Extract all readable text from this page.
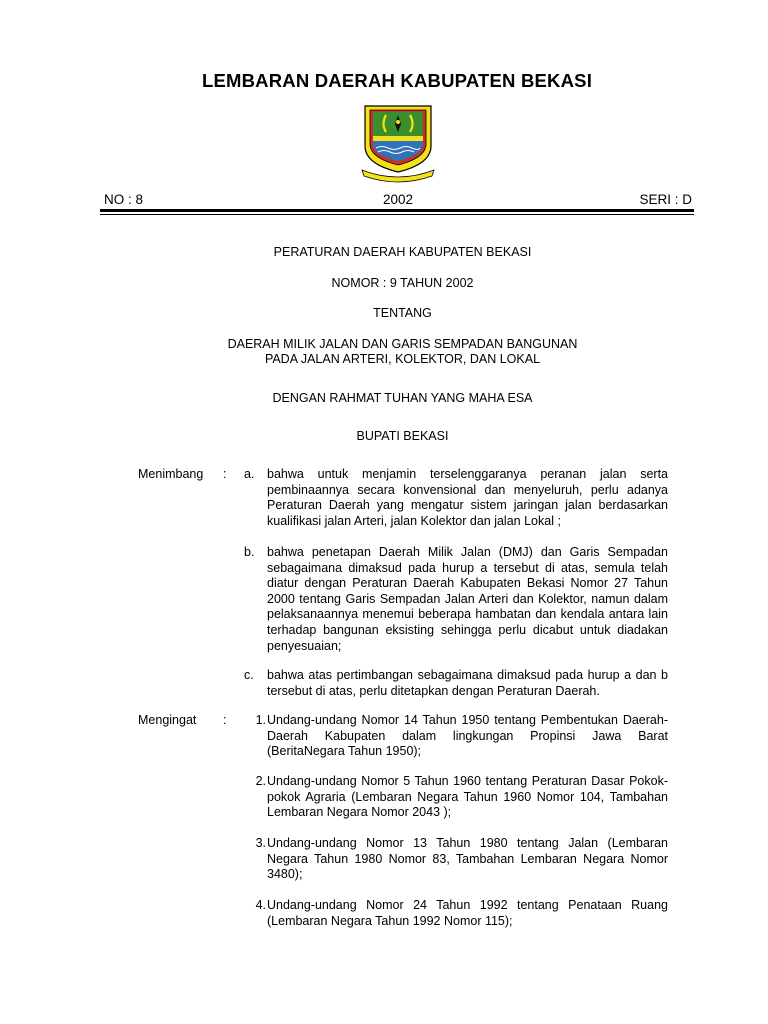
LEMBARAN DAERAH KABUPATEN BEKASI
NO : 8	2002	SERI : D
PERATURAN DAERAH KABUPATEN BEKASI
NOMOR : 9 TAHUN 2002
TENTANG
DAERAH MILIK JALAN DAN GARIS SEMPADAN BANGUNAN
PADA JALAN ARTERI, KOLEKTOR, DAN LOKAL
DENGAN RAHMAT TUHAN YANG MAHA ESA
BUPATI BEKASI
Menimbang : a.	bahwa untuk menjamin terselenggaranya peranan jalan serta pembinaannya secara konvensional dan menyeluruh, perlu adanya Peraturan Daerah yang mengatur sistem jaringan jalan berdasarkan kualifikasi jalan Arteri, jalan Kolektor dan jalan Lokal ;
b.	bahwa penetapan Daerah Milik Jalan (DMJ) dan Garis Sempadan sebagaimana dimaksud pada hurup a tersebut di atas, semula telah diatur dengan Peraturan Daerah Kabupaten Bekasi Nomor 27 Tahun 2000 tentang Garis Sempadan Jalan Arteri dan Kolektor, namun dalam pelaksanaannya menemui beberapa hambatan dan kendala antara lain terhadap bangunan eksisting sehingga perlu dicabut untuk diadakan penyesuaian;
c.	bahwa atas pertimbangan sebagaimana dimaksud pada hurup a dan b tersebut di atas, perlu ditetapkan dengan Peraturan Daerah.
Mengingat :	1. Undang-undang Nomor 14 Tahun 1950 tentang Pembentukan Daerah-Daerah Kabupaten dalam lingkungan Propinsi Jawa Barat (BeritaNegara Tahun 1950);
2. Undang-undang Nomor 5 Tahun 1960 tentang Peraturan Dasar Pokok-pokok Agraria (Lembaran Negara Tahun 1960 Nomor 104, Tambahan Lembaran Negara Nomor 2043 );
3. Undang-undang Nomor 13 Tahun 1980 tentang Jalan (Lembaran Negara Tahun 1980 Nomor 83, Tambahan Lembaran Negara Nomor 3480);
4. Undang-undang Nomor 24 Tahun 1992 tentang Penataan Ruang (Lembaran Negara Tahun 1992 Nomor 115);
